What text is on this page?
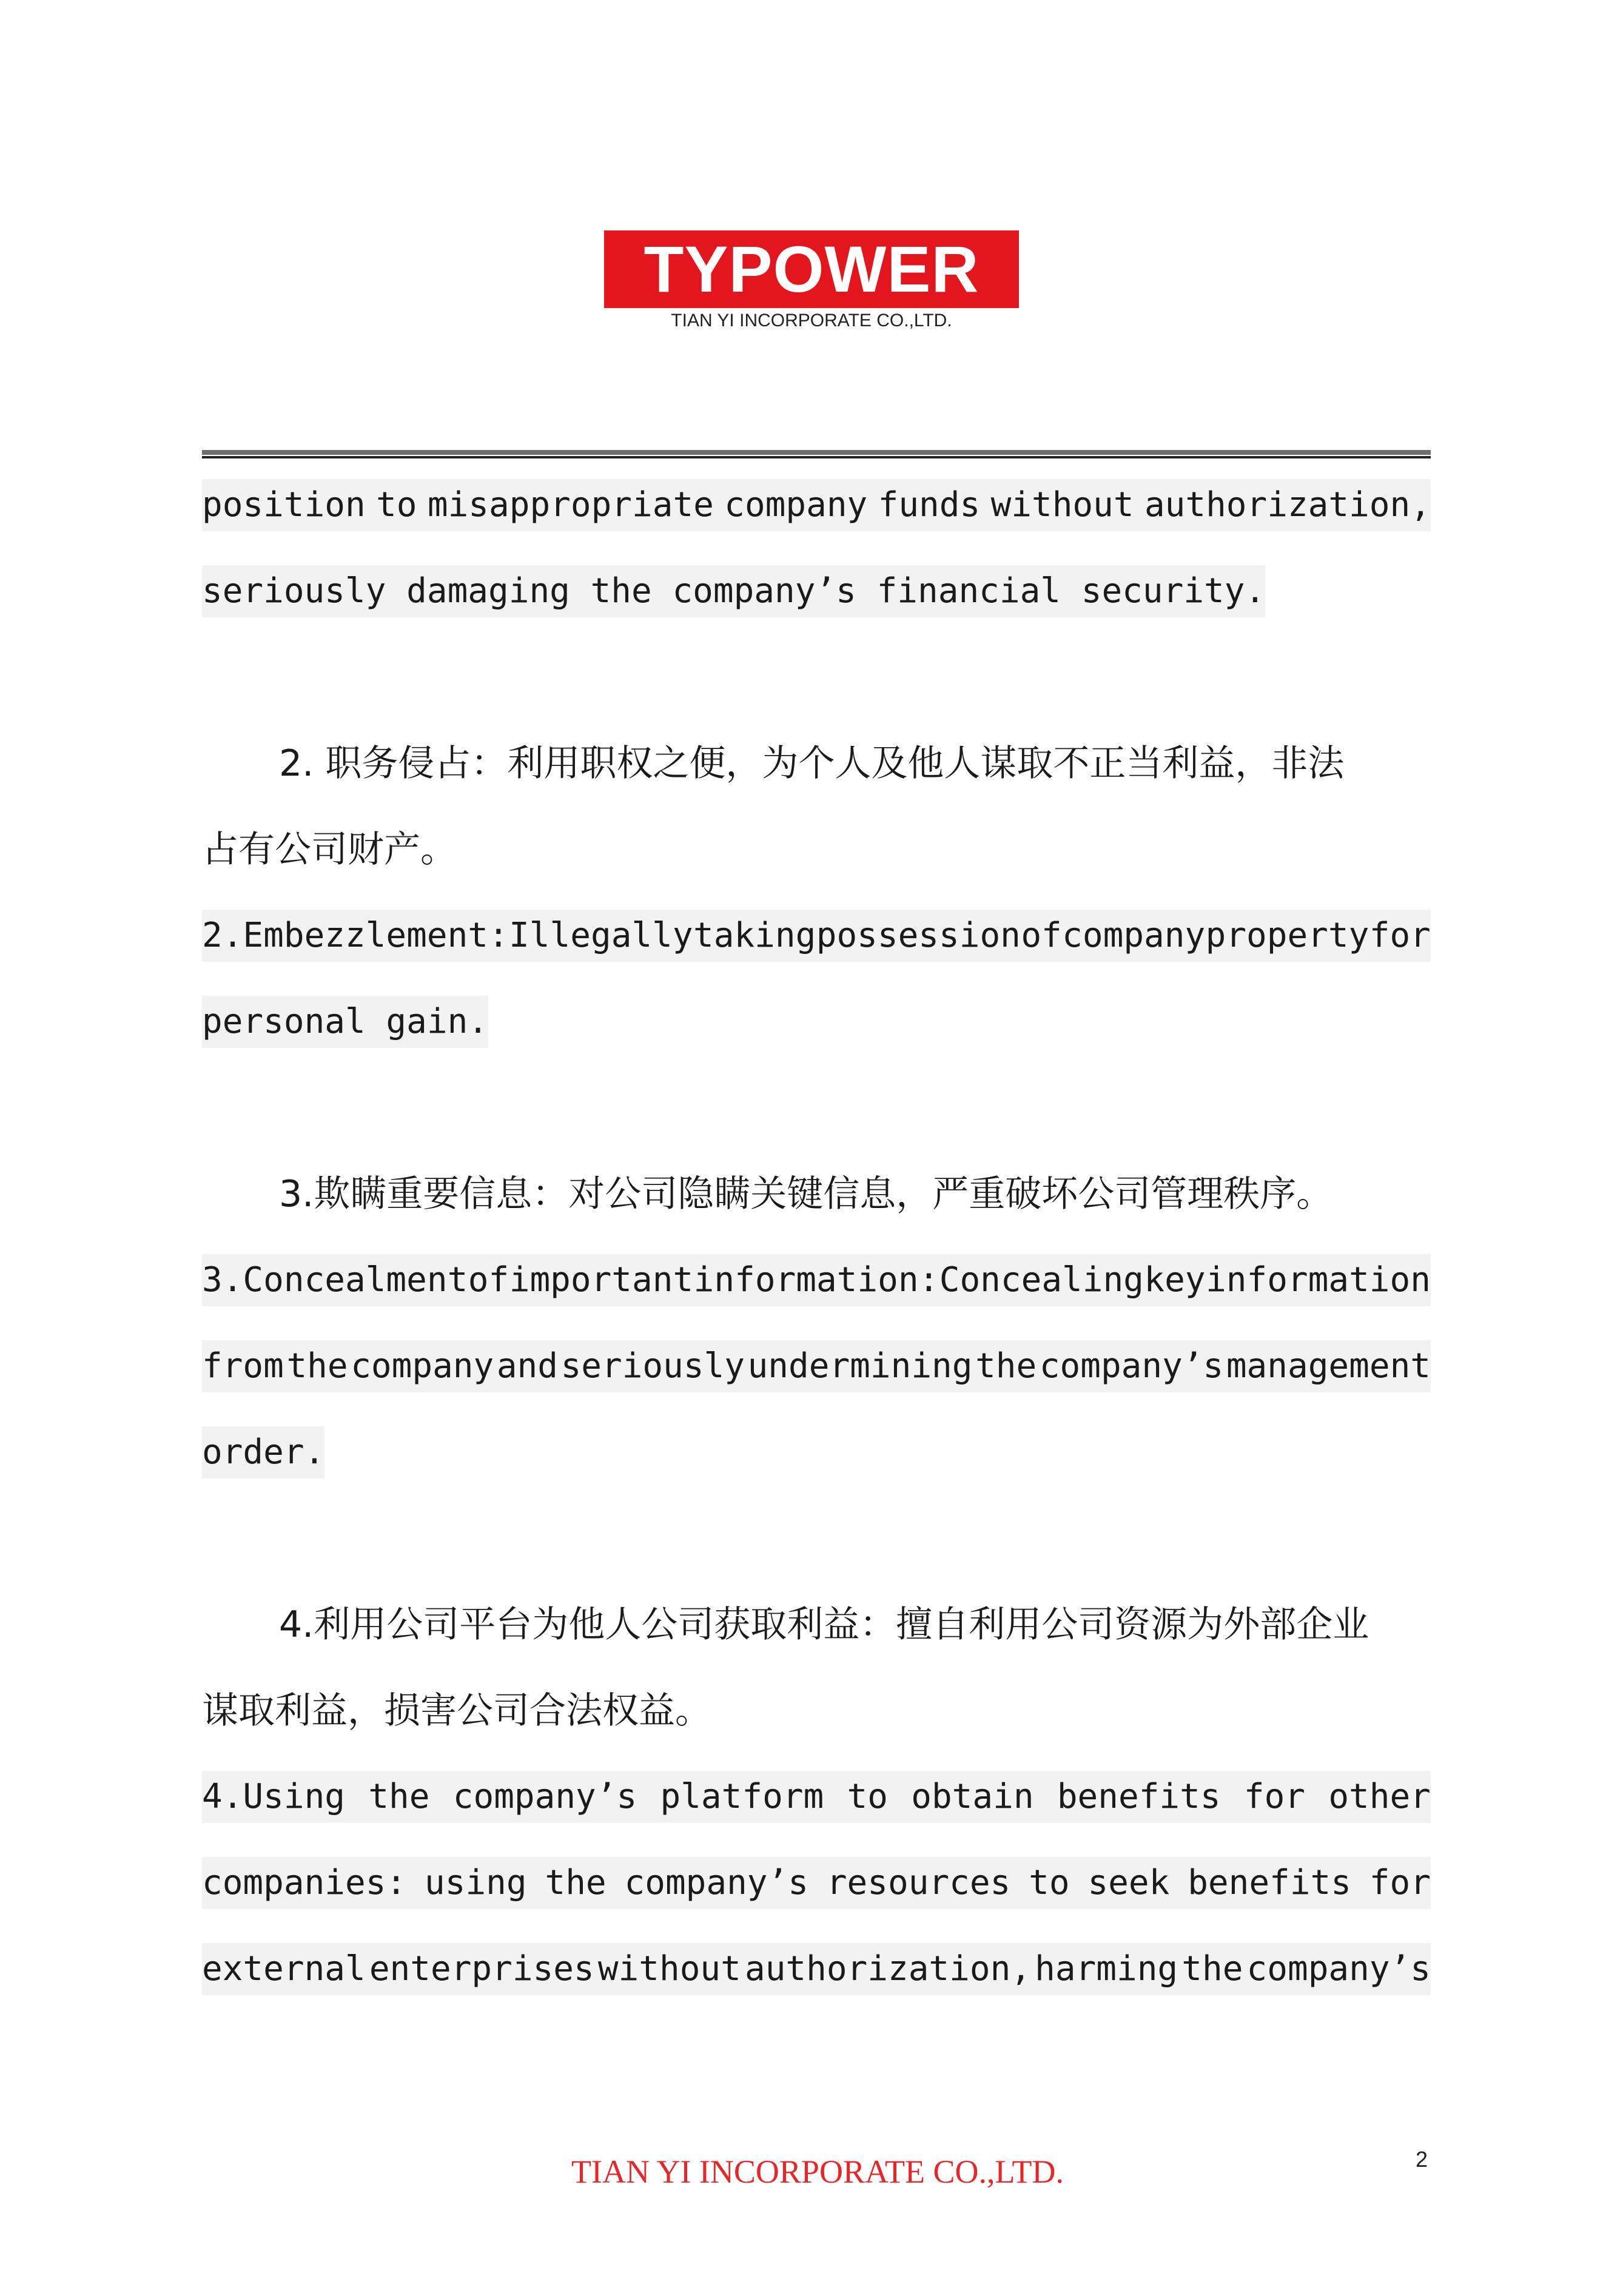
TYPOWER
TIAN YI INCORPORATE CO.,LTD.
position to misappropriate company funds without authorization,
seriously damaging the company’s financial security.
2. 职务侵占：利用职权之便，为个人及他人谋取不正当利益，非法
占有公司财产。
2.Embezzlement: Illegally taking possession of company property for
personal gain.
3.欺瞒重要信息：对公司隐瞒关键信息，严重破坏公司管理秩序。
3.Concealment of important information: Concealing key information
from the company and seriously undermining the company’s management
order.
4.利用公司平台为他人公司获取利益：擅自利用公司资源为外部企业
谋取利益，损害公司合法权益。
4.Using the company’s platform to obtain benefits for other
companies: using the company’s resources to seek benefits for
external enterprises without authorization, harming the company’s
TIAN YI INCORPORATE CO.,LTD.	2
